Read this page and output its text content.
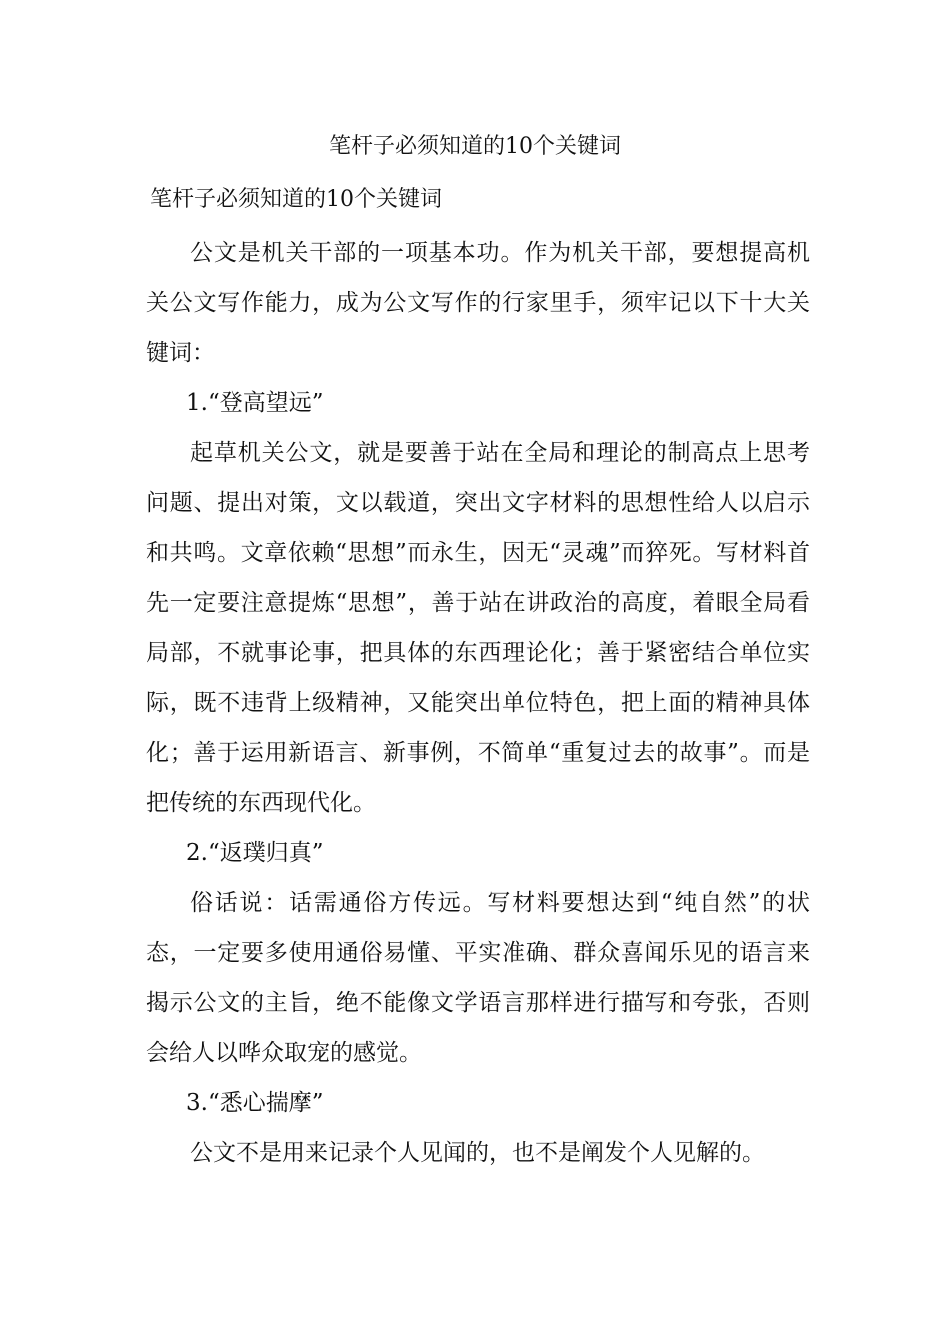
笔杆子必须知道的10个关键词

笔杆子必须知道的10个关键词

公文是机关干部的一项基本功。作为机关干部，要想提高机关公文写作能力，成为公文写作的行家里手，须牢记以下十大关键词：

1.“登高望远”

起草机关公文，就是要善于站在全局和理论的制高点上思考问题、提出对策，文以载道，突出文字材料的思想性给人以启示和共鸣。文章依赖“思想”而永生，因无“灵魂”而猝死。写材料首先一定要注意提炼“思想”，善于站在讲政治的高度，着眼全局看局部，不就事论事，把具体的东西理论化；善于紧密结合单位实际，既不违背上级精神，又能突出单位特色，把上面的精神具体化；善于运用新语言、新事例，不简单“重复过去的故事”。而是把传统的东西现代化。

2.“返璞归真”

俗话说：话需通俗方传远。写材料要想达到“纯自然”的状态，一定要多使用通俗易懂、平实准确、群众喜闻乐见的语言来揭示公文的主旨，绝不能像文学语言那样进行描写和夸张，否则会给人以哗众取宠的感觉。

3.“悉心揣摩”

公文不是用来记录个人见闻的，也不是阐发个人见解的。
